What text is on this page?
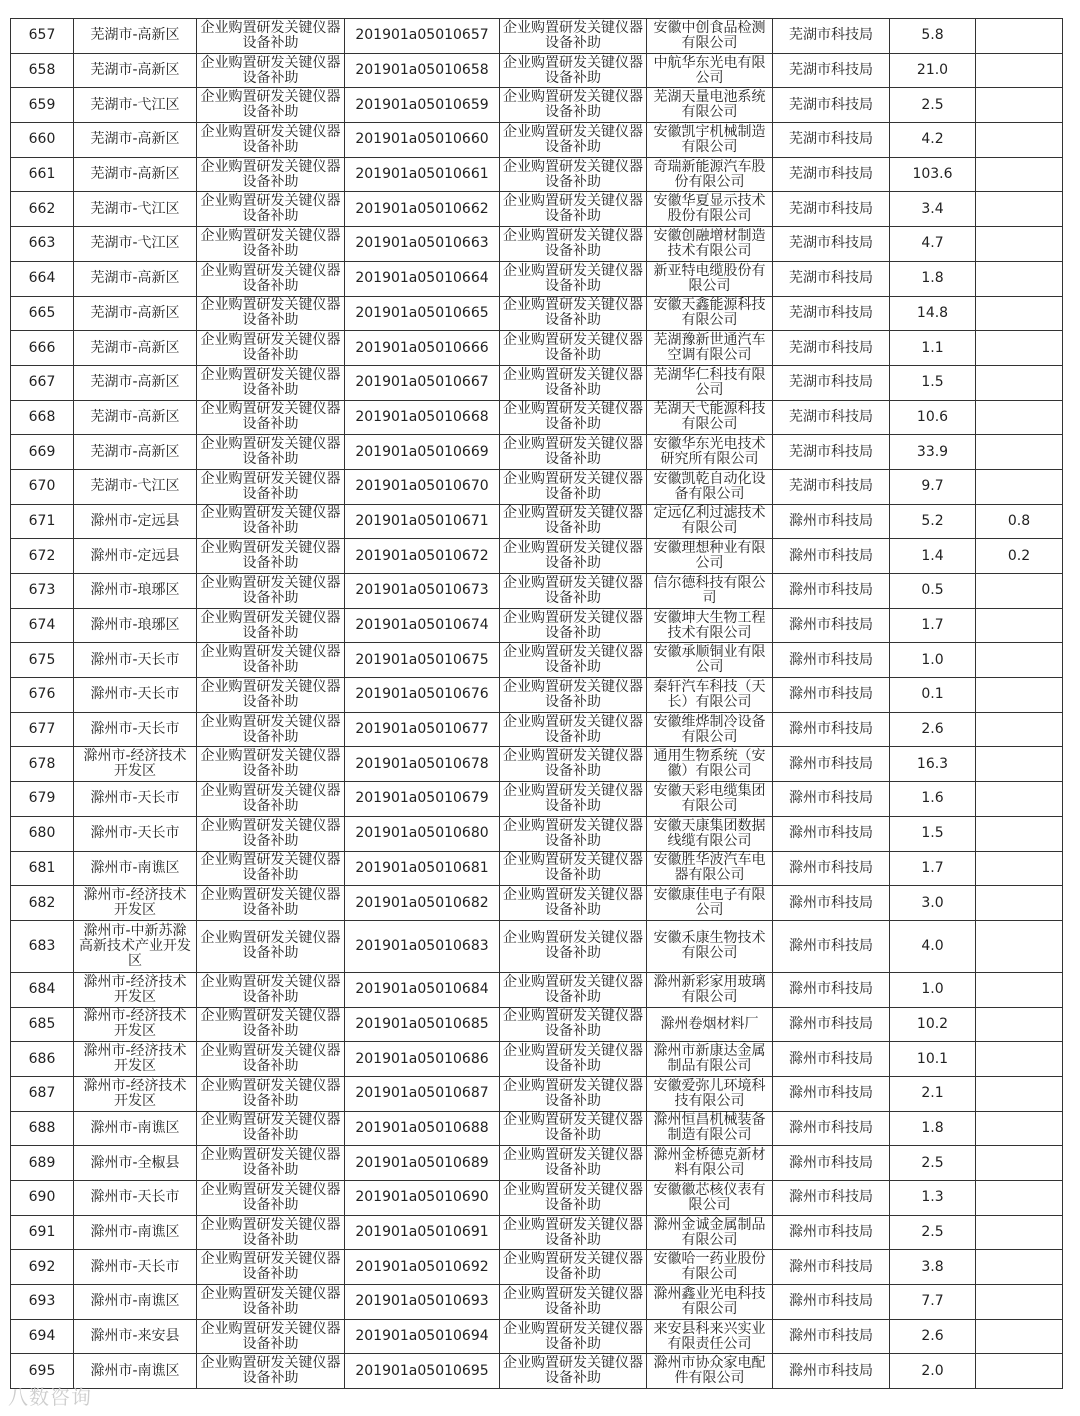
657	芜湖市-高新区	企业购置研发关键仪器设备补助	201901a05010657	企业购置研发关键仪器设备补助	安徽中创食品检测有限公司	芜湖市科技局	5.8	
658	芜湖市-高新区	企业购置研发关键仪器设备补助	201901a05010658	企业购置研发关键仪器设备补助	中航华东光电有限公司	芜湖市科技局	21.0	
659	芜湖市-弋江区	企业购置研发关键仪器设备补助	201901a05010659	企业购置研发关键仪器设备补助	芜湖天量电池系统有限公司	芜湖市科技局	2.5	
660	芜湖市-高新区	企业购置研发关键仪器设备补助	201901a05010660	企业购置研发关键仪器设备补助	安徽凯宇机械制造有限公司	芜湖市科技局	4.2	
661	芜湖市-高新区	企业购置研发关键仪器设备补助	201901a05010661	企业购置研发关键仪器设备补助	奇瑞新能源汽车股份有限公司	芜湖市科技局	103.6	
662	芜湖市-弋江区	企业购置研发关键仪器设备补助	201901a05010662	企业购置研发关键仪器设备补助	安徽华夏显示技术股份有限公司	芜湖市科技局	3.4	
663	芜湖市-弋江区	企业购置研发关键仪器设备补助	201901a05010663	企业购置研发关键仪器设备补助	安徽创融增材制造技术有限公司	芜湖市科技局	4.7	
664	芜湖市-高新区	企业购置研发关键仪器设备补助	201901a05010664	企业购置研发关键仪器设备补助	新亚特电缆股份有限公司	芜湖市科技局	1.8	
665	芜湖市-高新区	企业购置研发关键仪器设备补助	201901a05010665	企业购置研发关键仪器设备补助	安徽天鑫能源科技有限公司	芜湖市科技局	14.8	
666	芜湖市-高新区	企业购置研发关键仪器设备补助	201901a05010666	企业购置研发关键仪器设备补助	芜湖豫新世通汽车空调有限公司	芜湖市科技局	1.1	
667	芜湖市-高新区	企业购置研发关键仪器设备补助	201901a05010667	企业购置研发关键仪器设备补助	芜湖华仁科技有限公司	芜湖市科技局	1.5	
668	芜湖市-高新区	企业购置研发关键仪器设备补助	201901a05010668	企业购置研发关键仪器设备补助	芜湖天弋能源科技有限公司	芜湖市科技局	10.6	
669	芜湖市-高新区	企业购置研发关键仪器设备补助	201901a05010669	企业购置研发关键仪器设备补助	安徽华东光电技术研究所有限公司	芜湖市科技局	33.9	
670	芜湖市-弋江区	企业购置研发关键仪器设备补助	201901a05010670	企业购置研发关键仪器设备补助	安徽凯乾自动化设备有限公司	芜湖市科技局	9.7	
671	滁州市-定远县	企业购置研发关键仪器设备补助	201901a05010671	企业购置研发关键仪器设备补助	定远亿利过滤技术有限公司	滁州市科技局	5.2	0.8
672	滁州市-定远县	企业购置研发关键仪器设备补助	201901a05010672	企业购置研发关键仪器设备补助	安徽理想种业有限公司	滁州市科技局	1.4	0.2
673	滁州市-琅琊区	企业购置研发关键仪器设备补助	201901a05010673	企业购置研发关键仪器设备补助	信尔德科技有限公司	滁州市科技局	0.5	
674	滁州市-琅琊区	企业购置研发关键仪器设备补助	201901a05010674	企业购置研发关键仪器设备补助	安徽坤大生物工程技术有限公司	滁州市科技局	1.7	
675	滁州市-天长市	企业购置研发关键仪器设备补助	201901a05010675	企业购置研发关键仪器设备补助	安徽承顺铜业有限公司	滁州市科技局	1.0	
676	滁州市-天长市	企业购置研发关键仪器设备补助	201901a05010676	企业购置研发关键仪器设备补助	秦轩汽车科技（天长）有限公司	滁州市科技局	0.1	
677	滁州市-天长市	企业购置研发关键仪器设备补助	201901a05010677	企业购置研发关键仪器设备补助	安徽维烨制冷设备有限公司	滁州市科技局	2.6	
678	滁州市-经济技术开发区	企业购置研发关键仪器设备补助	201901a05010678	企业购置研发关键仪器设备补助	通用生物系统（安徽）有限公司	滁州市科技局	16.3	
679	滁州市-天长市	企业购置研发关键仪器设备补助	201901a05010679	企业购置研发关键仪器设备补助	安徽天彩电缆集团有限公司	滁州市科技局	1.6	
680	滁州市-天长市	企业购置研发关键仪器设备补助	201901a05010680	企业购置研发关键仪器设备补助	安徽天康集团数据线缆有限公司	滁州市科技局	1.5	
681	滁州市-南谯区	企业购置研发关键仪器设备补助	201901a05010681	企业购置研发关键仪器设备补助	安徽胜华波汽车电器有限公司	滁州市科技局	1.7	
682	滁州市-经济技术开发区	企业购置研发关键仪器设备补助	201901a05010682	企业购置研发关键仪器设备补助	安徽康佳电子有限公司	滁州市科技局	3.0	
683	滁州市-中新苏滁高新技术产业开发区	企业购置研发关键仪器设备补助	201901a05010683	企业购置研发关键仪器设备补助	安徽禾康生物技术有限公司	滁州市科技局	4.0	
684	滁州市-经济技术开发区	企业购置研发关键仪器设备补助	201901a05010684	企业购置研发关键仪器设备补助	滁州新彩家用玻璃有限公司	滁州市科技局	1.0	
685	滁州市-经济技术开发区	企业购置研发关键仪器设备补助	201901a05010685	企业购置研发关键仪器设备补助	滁州卷烟材料厂	滁州市科技局	10.2	
686	滁州市-经济技术开发区	企业购置研发关键仪器设备补助	201901a05010686	企业购置研发关键仪器设备补助	滁州市新康达金属制品有限公司	滁州市科技局	10.1	
687	滁州市-经济技术开发区	企业购置研发关键仪器设备补助	201901a05010687	企业购置研发关键仪器设备补助	安徽爱弥儿环境科技有限公司	滁州市科技局	2.1	
688	滁州市-南谯区	企业购置研发关键仪器设备补助	201901a05010688	企业购置研发关键仪器设备补助	滁州恒昌机械装备制造有限公司	滁州市科技局	1.8	
689	滁州市-全椒县	企业购置研发关键仪器设备补助	201901a05010689	企业购置研发关键仪器设备补助	滁州金桥德克新材料有限公司	滁州市科技局	2.5	
690	滁州市-天长市	企业购置研发关键仪器设备补助	201901a05010690	企业购置研发关键仪器设备补助	安徽徽芯核仪表有限公司	滁州市科技局	1.3	
691	滁州市-南谯区	企业购置研发关键仪器设备补助	201901a05010691	企业购置研发关键仪器设备补助	滁州金诚金属制品有限公司	滁州市科技局	2.5	
692	滁州市-天长市	企业购置研发关键仪器设备补助	201901a05010692	企业购置研发关键仪器设备补助	安徽哈一药业股份有限公司	滁州市科技局	3.8	
693	滁州市-南谯区	企业购置研发关键仪器设备补助	201901a05010693	企业购置研发关键仪器设备补助	滁州鑫业光电科技有限公司	滁州市科技局	7.7	
694	滁州市-来安县	企业购置研发关键仪器设备补助	201901a05010694	企业购置研发关键仪器设备补助	来安县科来兴实业有限责任公司	滁州市科技局	2.6	
695	滁州市-南谯区	企业购置研发关键仪器设备补助	201901a05010695	企业购置研发关键仪器设备补助	滁州市协众家电配件有限公司	滁州市科技局	2.0	
八数咨询
